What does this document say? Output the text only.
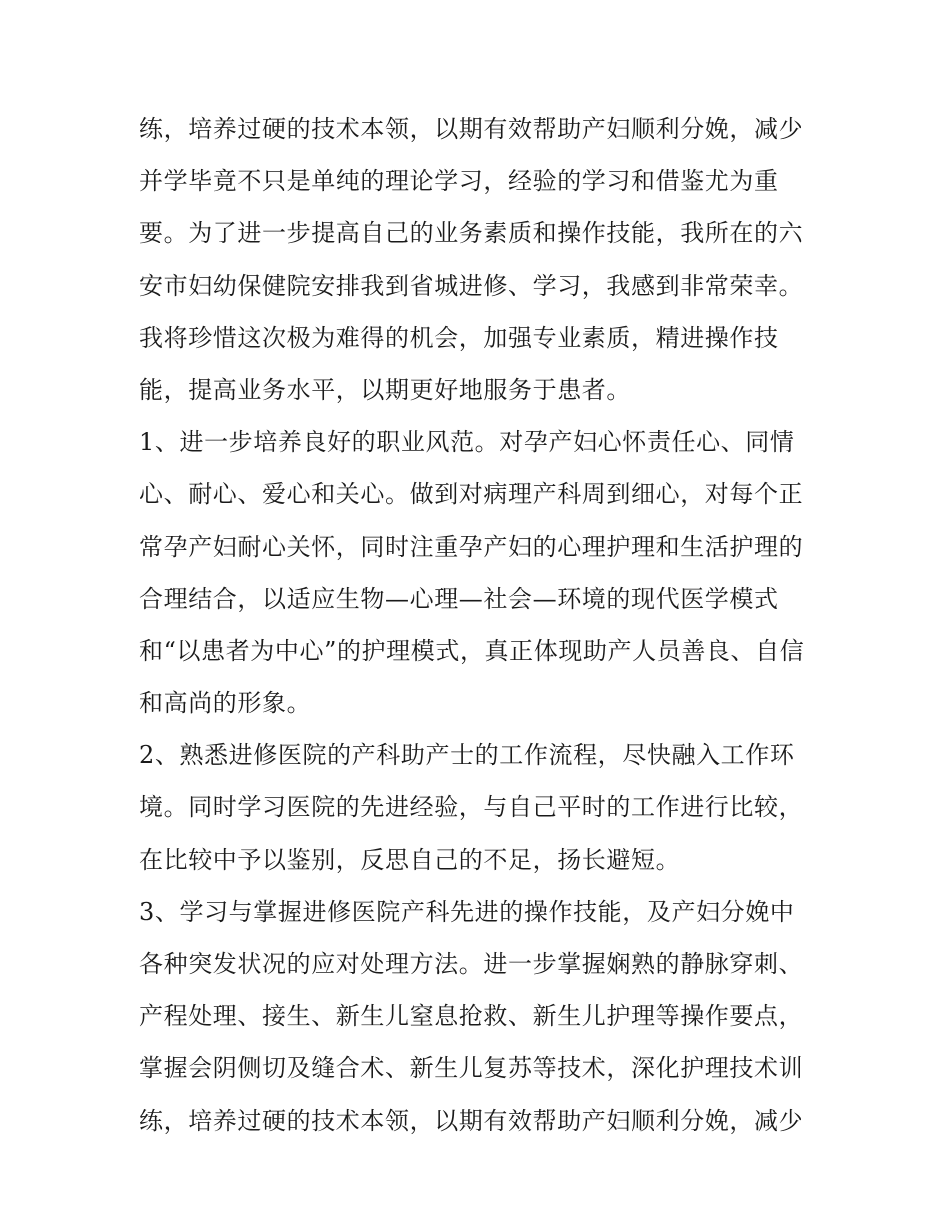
练，培养过硬的技术本领，以期有效帮助产妇顺利分娩，减少
并学毕竟不只是单纯的理论学习，经验的学习和借鉴尤为重
要。为了进一步提高自己的业务素质和操作技能，我所在的六
安市妇幼保健院安排我到省城进修、学习，我感到非常荣幸。
我将珍惜这次极为难得的机会，加强专业素质，精进操作技
能，提高业务水平，以期更好地服务于患者。
1、进一步培养良好的职业风范。对孕产妇心怀责任心、同情
心、耐心、爱心和关心。做到对病理产科周到细心，对每个正
常孕产妇耐心关怀，同时注重孕产妇的心理护理和生活护理的
合理结合，以适应生物—心理—社会—环境的现代医学模式
和“以患者为中心”的护理模式，真正体现助产人员善良、自信
和高尚的形象。
2、熟悉进修医院的产科助产士的工作流程，尽快融入工作环
境。同时学习医院的先进经验，与自己平时的工作进行比较，
在比较中予以鉴别，反思自己的不足，扬长避短。
3、学习与掌握进修医院产科先进的操作技能，及产妇分娩中
各种突发状况的应对处理方法。进一步掌握娴熟的静脉穿刺、
产程处理、接生、新生儿窒息抢救、新生儿护理等操作要点，
掌握会阴侧切及缝合术、新生儿复苏等技术，深化护理技术训
练，培养过硬的技术本领，以期有效帮助产妇顺利分娩，减少
